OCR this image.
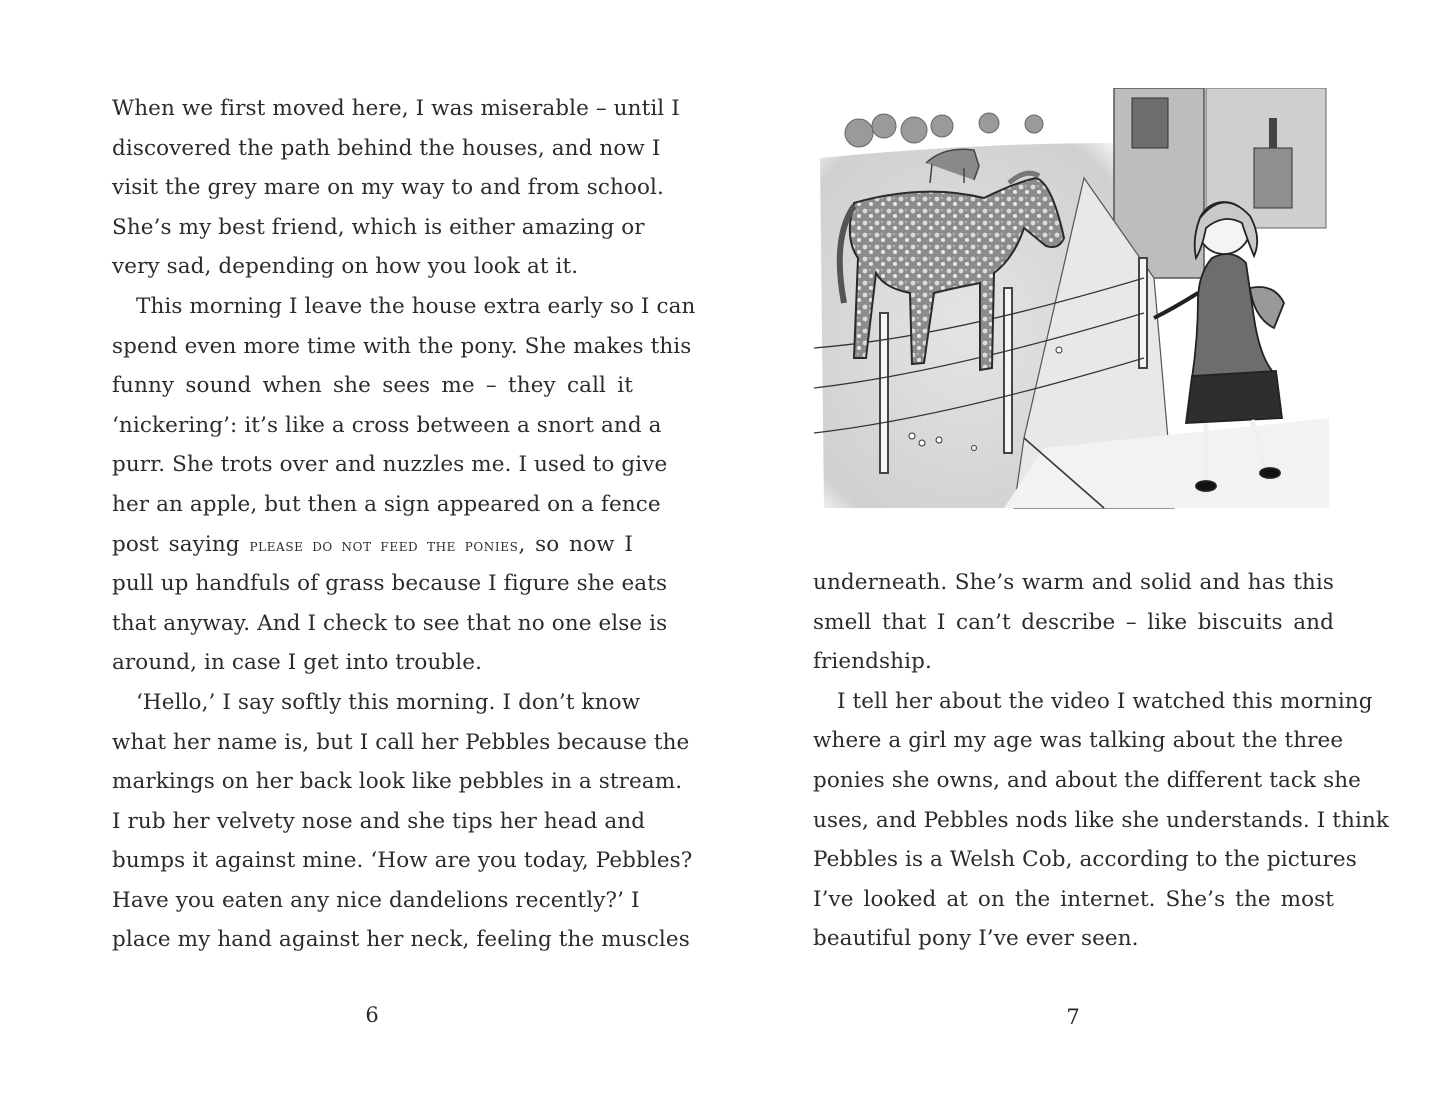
When we first moved here, I was miserable – until I
discovered the path behind the houses, and now I
visit the grey mare on my way to and from school.
She’s my best friend, which is either amazing or
very sad, depending on how you look at it.
This morning I leave the house extra early so I can
spend even more time with the pony. She makes this
funny sound when she sees me – they call it
‘nickering’: it’s like a cross between a snort and a
purr. She trots over and nuzzles me. I used to give
her an apple, but then a sign appeared on a fence
post saying please do not feed the ponies, so now I
pull up handfuls of grass because I figure she eats
that anyway. And I check to see that no one else is
around, in case I get into trouble.
‘Hello,’ I say softly this morning. I don’t know
what her name is, but I call her Pebbles because the
markings on her back look like pebbles in a stream.
I rub her velvety nose and she tips her head and
bumps it against mine. ‘How are you today, Pebbles?
Have you eaten any nice dandelions recently?’ I
place my hand against her neck, feeling the muscles
6
underneath. She’s warm and solid and has this
smell that I can’t describe – like biscuits and
friendship.
I tell her about the video I watched this morning
where a girl my age was talking about the three
ponies she owns, and about the different tack she
uses, and Pebbles nods like she understands. I think
Pebbles is a Welsh Cob, according to the pictures
I’ve looked at on the internet. She’s the most
beautiful pony I’ve ever seen.
7
